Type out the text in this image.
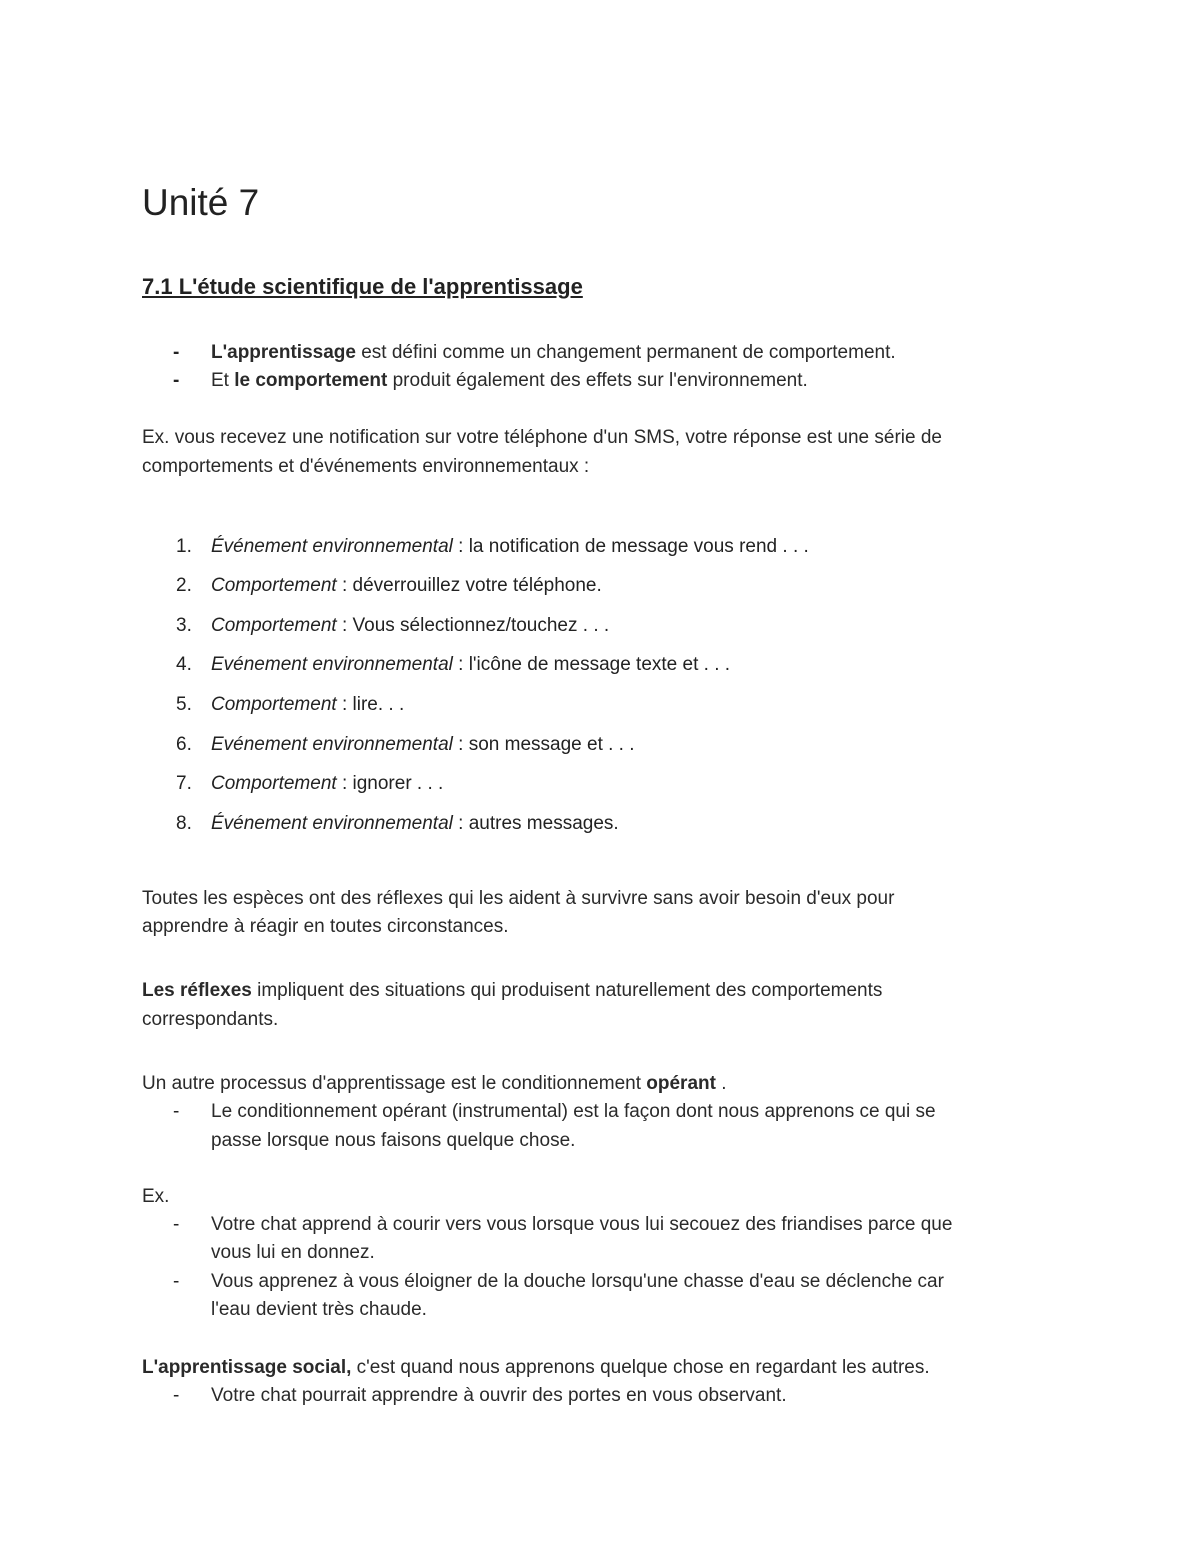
Unité 7
7.1 L'étude scientifique de l'apprentissage
- L'apprentissage est défini comme un changement permanent de comportement.

- Et le comportement produit également des effets sur l'environnement.

Ex. vous recevez une notification sur votre téléphone d'un SMS, votre réponse est une série de

comportements et d'événements environnementaux :

1. Événement environnemental : la notification de message vous rend . . .
2. Comportement : déverrouillez votre téléphone.
3. Comportement : Vous sélectionnez/touchez . . .
4. Evénement environnemental : l'icône de message texte et . . .
5. Comportement : lire. . .
6. Evénement environnemental : son message et . . .
7. Comportement : ignorer . . .
8. Événement environnemental : autres messages.

Toutes les espèces ont des réflexes qui les aident à survivre sans avoir besoin d'eux pour

apprendre à réagir en toutes circonstances.

Les réflexes impliquent des situations qui produisent naturellement des comportements

correspondants.

Un autre processus d'apprentissage est le conditionnement opérant .

- Le conditionnement opérant (instrumental) est la façon dont nous apprenons ce qui se

passe lorsque nous faisons quelque chose.

Ex.

- Votre chat apprend à courir vers vous lorsque vous lui secouez des friandises parce que

vous lui en donnez.

- Vous apprenez à vous éloigner de la douche lorsqu'une chasse d'eau se déclenche car

l'eau devient très chaude.

L'apprentissage social, c'est quand nous apprenons quelque chose en regardant les autres.

- Votre chat pourrait apprendre à ouvrir des portes en vous observant.
